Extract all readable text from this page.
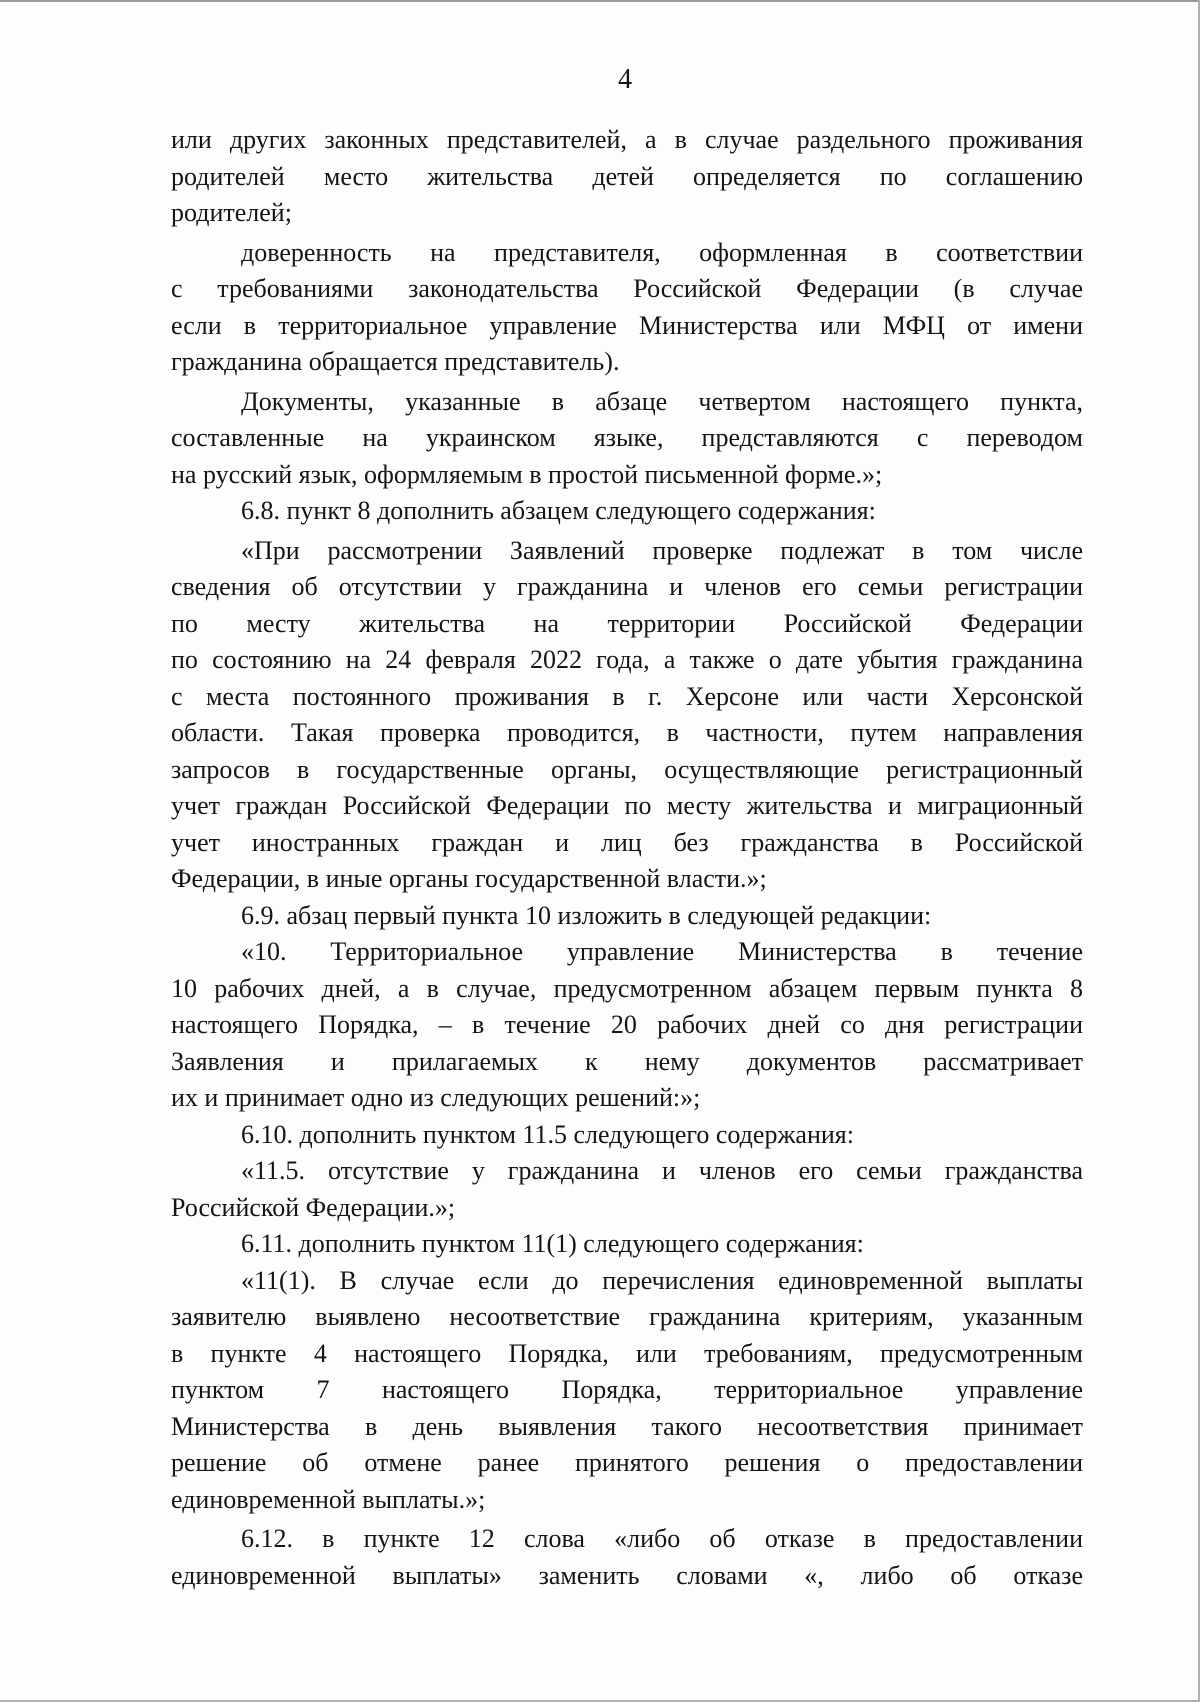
4
или других законных представителей, а в случае раздельного проживания
родителей место жительства детей определяется по соглашению
родителей;
доверенность на представителя, оформленная в соответствии
с требованиями законодательства Российской Федерации (в случае
если в территориальное управление Министерства или МФЦ от имени
гражданина обращается представитель).
Документы, указанные в абзаце четвертом настоящего пункта,
составленные на украинском языке, представляются с переводом
на русский язык, оформляемым в простой письменной форме.»;
6.8. пункт 8 дополнить абзацем следующего содержания:
«При рассмотрении Заявлений проверке подлежат в том числе
сведения об отсутствии у гражданина и членов его семьи регистрации
по месту жительства на территории Российской Федерации
по состоянию на 24 февраля 2022 года, а также о дате убытия гражданина
с места постоянного проживания в г. Херсоне или части Херсонской
области. Такая проверка проводится, в частности, путем направления
запросов в государственные органы, осуществляющие регистрационный
учет граждан Российской Федерации по месту жительства и миграционный
учет иностранных граждан и лиц без гражданства в Российской
Федерации, в иные органы государственной власти.»;
6.9. абзац первый пункта 10 изложить в следующей редакции:
«10. Территориальное управление Министерства в течение
10 рабочих дней, а в случае, предусмотренном абзацем первым пункта 8
настоящего Порядка, – в течение 20 рабочих дней со дня регистрации
Заявления и прилагаемых к нему документов рассматривает
их и принимает одно из следующих решений:»;
6.10. дополнить пунктом 11.5 следующего содержания:
«11.5. отсутствие у гражданина и членов его семьи гражданства
Российской Федерации.»;
6.11. дополнить пунктом 11(1) следующего содержания:
«11(1). В случае если до перечисления единовременной выплаты
заявителю выявлено несоответствие гражданина критериям, указанным
в пункте 4 настоящего Порядка, или требованиям, предусмотренным
пунктом 7 настоящего Порядка, территориальное управление
Министерства в день выявления такого несоответствия принимает
решение об отмене ранее принятого решения о предоставлении
единовременной выплаты.»;
6.12. в пункте 12 слова «либо об отказе в предоставлении
единовременной выплаты» заменить словами «, либо об отказе
